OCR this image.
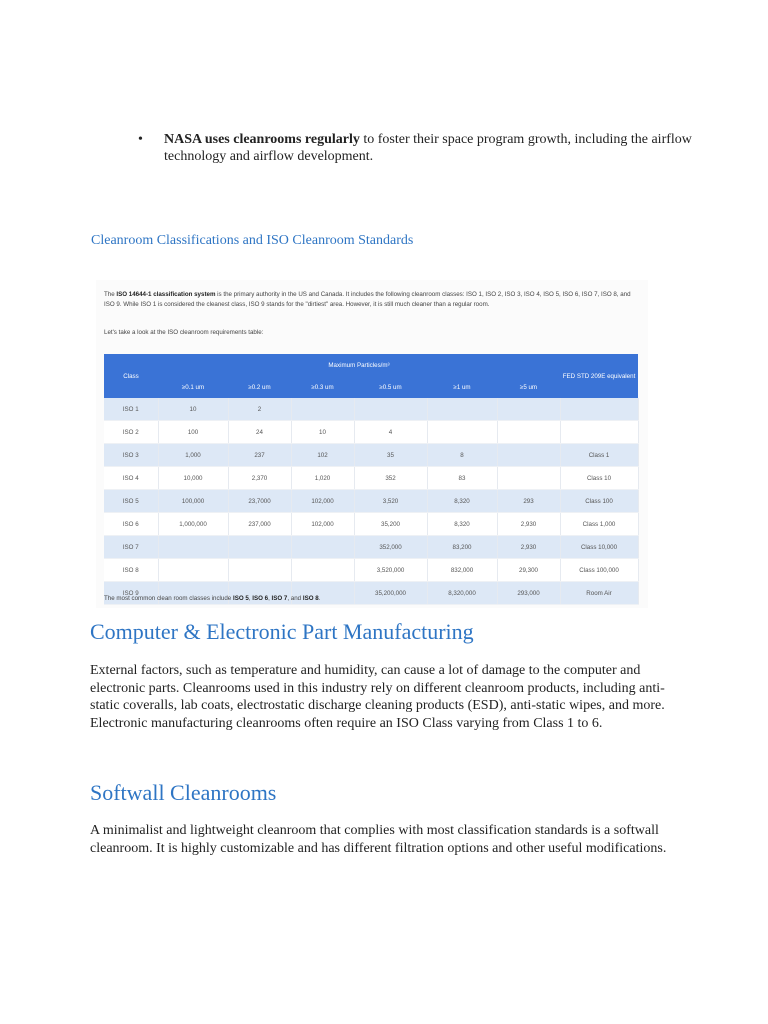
• NASA uses cleanrooms regularly to foster their space program growth, including the airflow technology and airflow development.
Cleanroom Classifications and ISO Cleanroom Standards
The ISO 14644-1 classification system is the primary authority in the US and Canada. It includes the following cleanroom classes: ISO 1, ISO 2, ISO 3, ISO 4, ISO 5, ISO 6, ISO 7, ISO 8, and ISO 9. While ISO 1 is considered the cleanest class, ISO 9 stands for the "dirtiest" area. However, it is still much cleaner than a regular room.
Let's take a look at the ISO cleanroom requirements table:
Class	Maximum Particles/m³						FED STD 209E equivalent
	≥0.1 um	≥0.2 um	≥0.3 um	≥0.5 um	≥1 um	≥5 um	
ISO 1	10	2					
ISO 2	100	24	10	4			
ISO 3	1,000	237	102	35	8		Class 1
ISO 4	10,000	2,370	1,020	352	83		Class 10
ISO 5	100,000	23,7000	102,000	3,520	8,320	293	Class 100
ISO 6	1,000,000	237,000	102,000	35,200	8,320	2,930	Class 1,000
ISO 7				352,000	83,200	2,930	Class 10,000
ISO 8				3,520,000	832,000	29,300	Class 100,000
ISO 9				35,200,000	8,320,000	293,000	Room Air
The most common clean room classes include ISO 5, ISO 6, ISO 7, and ISO 8.
Computer & Electronic Part Manufacturing
External factors, such as temperature and humidity, can cause a lot of damage to the computer and electronic parts. Cleanrooms used in this industry rely on different cleanroom products, including anti-static coveralls, lab coats, electrostatic discharge cleaning products (ESD), anti-static wipes, and more. Electronic manufacturing cleanrooms often require an ISO Class varying from Class 1 to 6.
Softwall Cleanrooms
A minimalist and lightweight cleanroom that complies with most classification standards is a softwall cleanroom. It is highly customizable and has different filtration options and other useful modifications.
